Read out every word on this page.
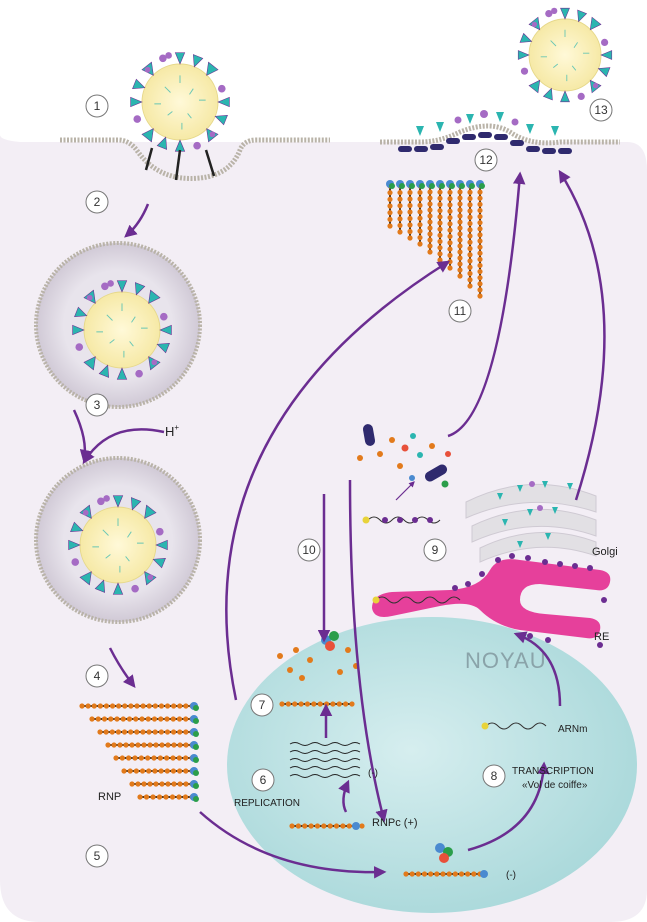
NOYAU
1
2
3
4
5
6
7
8
9
10
11
12
13
H+
RNP
REPLICATION
(-)
RNPc (+)
(-)
TRANSCRIPTION
«Vol de coiffe»
ARNm
Golgi
RE
